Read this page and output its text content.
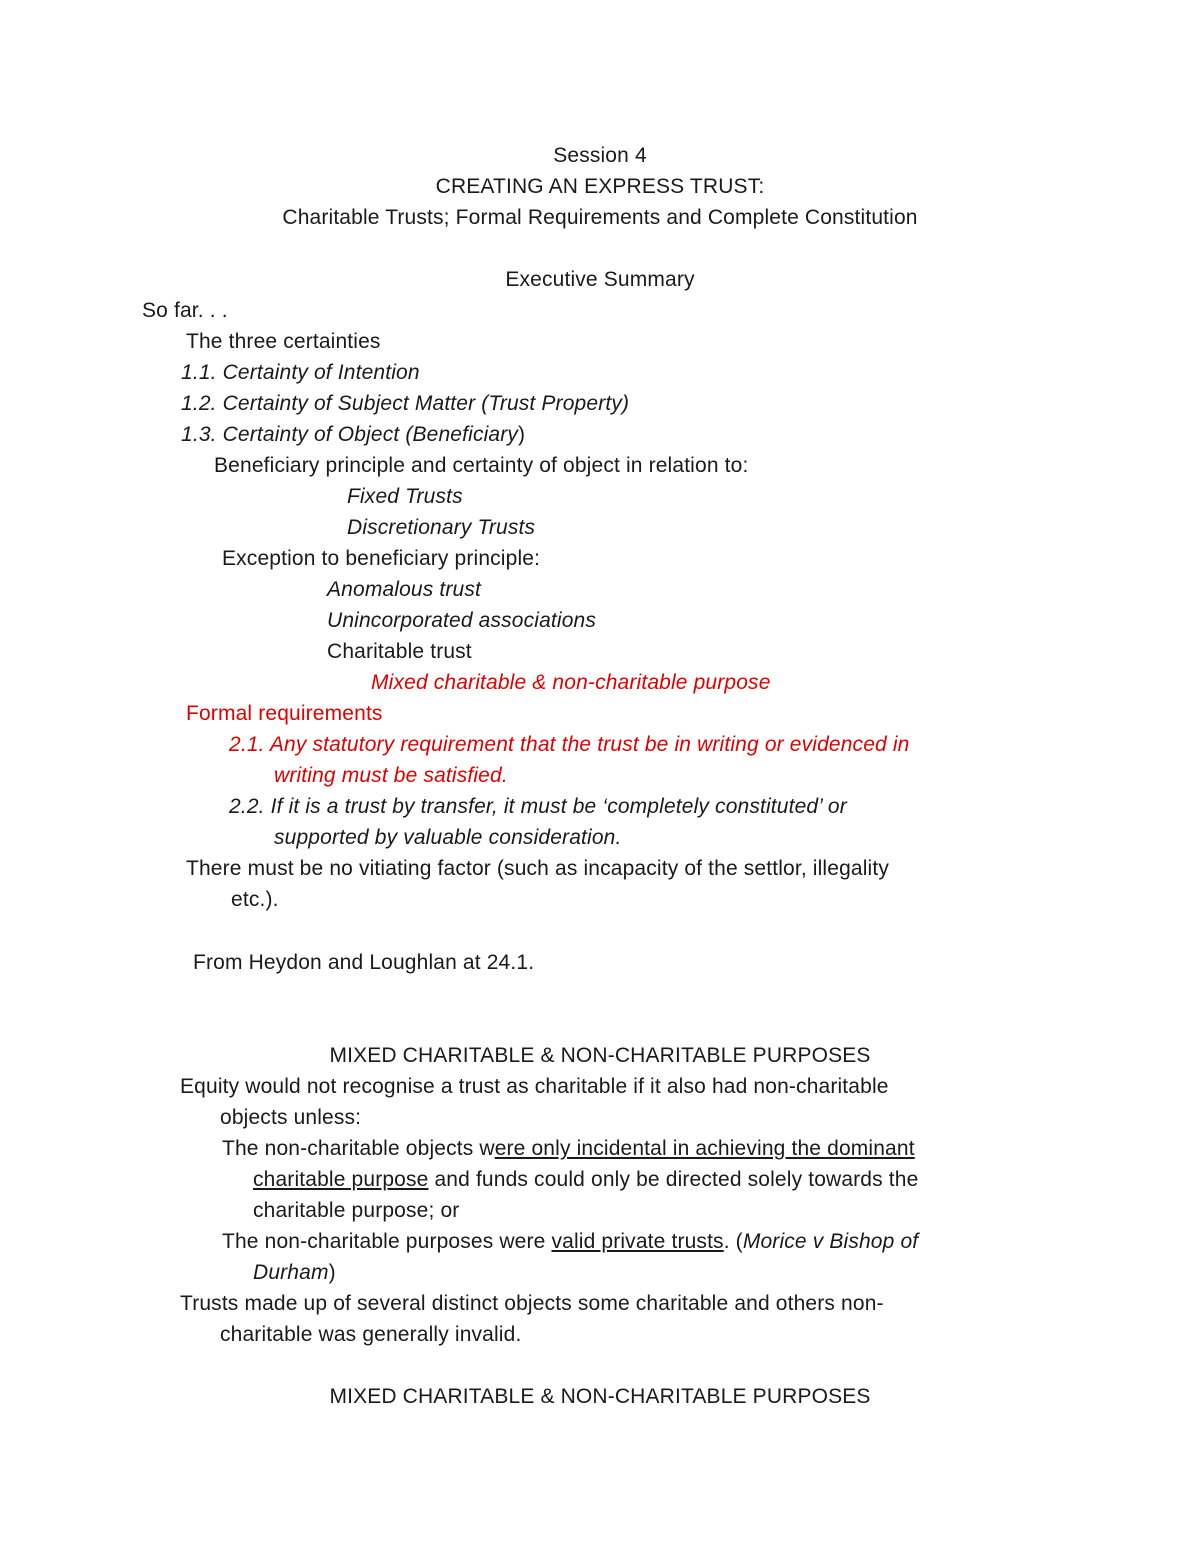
Session 4
CREATING AN EXPRESS TRUST:
Charitable Trusts; Formal Requirements and Complete Constitution
Executive Summary
So far. . .
The three certainties
1.1. Certainty of Intention
1.2. Certainty of Subject Matter (Trust Property)
1.3. Certainty of Object (Beneficiary)
Beneficiary principle and certainty of object in relation to:
Fixed Trusts
Discretionary Trusts
Exception to beneficiary principle:
Anomalous trust
Unincorporated associations
Charitable trust
Mixed charitable & non-charitable purpose
Formal requirements
2.1. Any statutory requirement that the trust be in writing or evidenced in
writing must be satisfied.
2.2. If it is a trust by transfer, it must be ‘completely constituted’ or
supported by valuable consideration.
There must be no vitiating factor (such as incapacity of the settlor, illegality
etc.).
From Heydon and Loughlan at 24.1.
MIXED CHARITABLE & NON-CHARITABLE PURPOSES
Equity would not recognise a trust as charitable if it also had non-charitable
objects unless:
The non-charitable objects were only incidental in achieving the dominant
charitable purpose and funds could only be directed solely towards the
charitable purpose; or
The non-charitable purposes were valid private trusts. (Morice v Bishop of
Durham)
Trusts made up of several distinct objects some charitable and others non-
charitable was generally invalid.
MIXED CHARITABLE & NON-CHARITABLE PURPOSES
